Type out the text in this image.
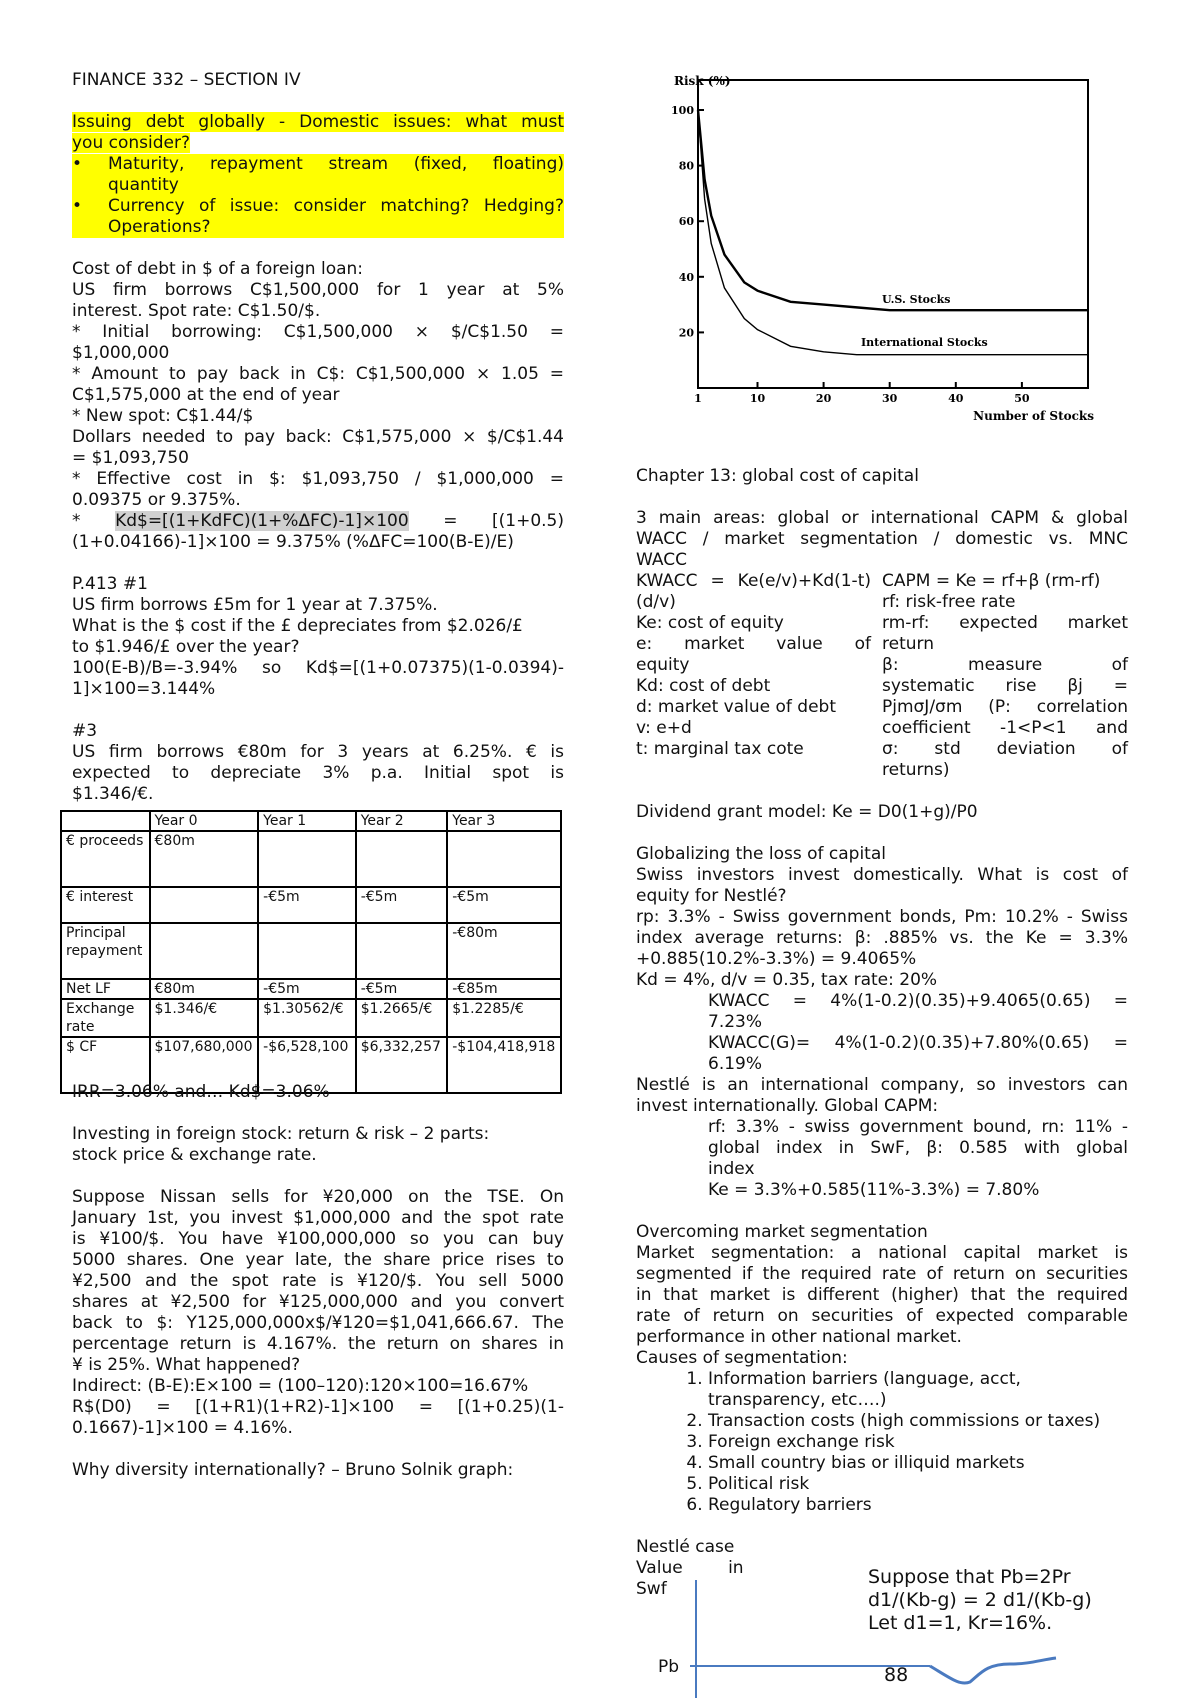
FINANCE 332 – SECTION IV

Issuing debt globally - Domestic issues: what must

you consider?

• Maturity, repayment stream (fixed, floating)

quantity

• Currency of issue: consider matching? Hedging?

Operations?

Cost of debt in $ of a foreign loan:

US firm borrows C$1,500,000 for 1 year at 5%

interest. Spot rate: C$1.50/$.

* Initial borrowing: C$1,500,000 × $/C$1.50 =

$1,000,000

* Amount to pay back in C$: C$1,500,000 × 1.05 =

C$1,575,000 at the end of year

* New spot: C$1.44/$

Dollars needed to pay back: C$1,575,000 × $/C$1.44

= $1,093,750

* Effective cost in $: $1,093,750 / $1,000,000 =

0.09375 or 9.375%.

* Kd$=[(1+KdFC)(1+%ΔFC)-1]×100 = [(1+0.5)

(1+0.04166)-1]×100 = 9.375% (%ΔFC=100(B-E)/E)

P.413 #1

US firm borrows £5m for 1 year at 7.375%.

What is the $ cost if the £ depreciates from $2.026/£

to $1.946/£ over the year?

100(E-B)/B=-3.94% so Kd$=[(1+0.07375)(1-0.0394)-

1]×100=3.144%

#3

US firm borrows €80m for 3 years at 6.25%. € is

expected to depreciate 3% p.a. Initial spot is

$1.346/€.

	Year 0	Year 1	Year 2	Year 3
€ proceeds	€80m			
€ interest		-€5m	-€5m	-€5m
Principal repayment				-€80m
Net LF	€80m	-€5m	-€5m	-€85m
Exchange rate	$1.346/€	$1.30562/€	$1.2665/€	$1.2285/€
$ CF	$107,680,000	-$6,528,100	$6,332,257	-$104,418,918

IRR=3.06% and… Kd$=3.06%

Investing in foreign stock: return & risk – 2 parts:

stock price & exchange rate.

Suppose Nissan sells for ¥20,000 on the TSE. On

January 1st, you invest $1,000,000 and the spot rate

is ¥100/$. You have ¥100,000,000 so you can buy

5000 shares. One year late, the share price rises to

¥2,500 and the spot rate is ¥120/$. You sell 5000

shares at ¥2,500 for ¥125,000,000 and you convert

back to $: Y125,000,000x$/¥120=$1,041,666.67. The

percentage return is 4.167%. the return on shares in

¥ is 25%. What happened?

Indirect: (B-E):E×100 = (100–120):120×100=16.67%

R$(D0) = [(1+R1)(1+R2)-1]×100 = [(1+0.25)(1-

0.1667)-1]×100 = 4.16%.

Why diversity internationally? – Bruno Solnik graph:

Risk (%)
Number of Stocks
20
40
60
80
100
1	10	20	30	40	50
U.S. Stocks
International Stocks

Chapter 13: global cost of capital

3 main areas: global or international CAPM & global

WACC / market segmentation / domestic vs. MNC

WACC

KWACC = Ke(e/v)+Kd(1-t)

(d/v)

Ke: cost of equity

e: market value of

equity

Kd: cost of debt

d: market value of debt

v: e+d

t: marginal tax cote

CAPM = Ke = rf+β (rm-rf)

rf: risk-free rate

rm-rf: expected market

return

β: measure of

systematic rise βj =

PjmσJ/σm (P: correlation

coefficient -1<P<1 and

σ: std deviation of

returns)

Dividend grant model: Ke = D0(1+g)/P0

Globalizing the loss of capital

Swiss investors invest domestically. What is cost of

equity for Nestlé?

rp: 3.3% - Swiss government bonds, Pm: 10.2% - Swiss

index average returns: β: .885% vs. the Ke = 3.3%

+0.885(10.2%-3.3%) = 9.4065%

Kd = 4%, d/v = 0.35, tax rate: 20%

KWACC = 4%(1-0.2)(0.35)+9.4065(0.65) =

7.23%

KWACC(G)= 4%(1-0.2)(0.35)+7.80%(0.65) =

6.19%

Nestlé is an international company, so investors can

invest internationally. Global CAPM:

rf: 3.3% - swiss government bound, rn: 11% -

global index in SwF, β: 0.585 with global

index

Ke = 3.3%+0.585(11%-3.3%) = 7.80%

Overcoming market segmentation

Market segmentation: a national capital market is

segmented if the required rate of return on securities

in that market is different (higher) that the required

rate of return on securities of expected comparable

performance in other national market.

Causes of segmentation:

1. Information barriers (language, acct, transparency, etc….)
2. Transaction costs (high commissions or taxes)
3. Foreign exchange risk
4. Small country bias or illiquid markets
5. Political risk
6. Regulatory barriers

Nestlé case

Value in

Swf

Pb

Suppose that Pb=2Pr

d1/(Kb-g) = 2 d1/(Kb-g)

Let d1=1, Kr=16%.

88
